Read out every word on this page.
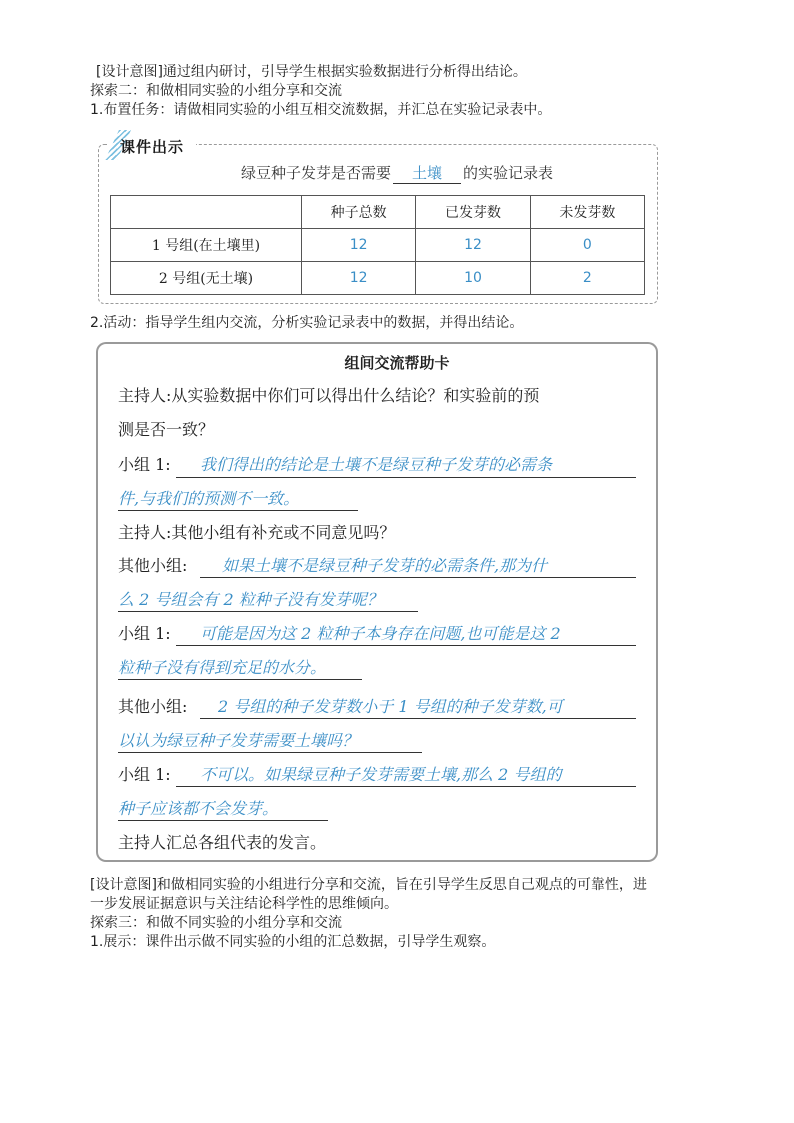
[设计意图]通过组内研讨，引导学生根据实验数据进行分析得出结论。
探索二：和做相同实验的小组分享和交流
1.布置任务：请做相同实验的小组互相交流数据，并汇总在实验记录表中。
课件出示
绿豆种子发芽是否需要 土壤 的实验记录表
	种子总数	已发芽数	未发芽数
1 号组(在土壤里)	12	12	0
2 号组(无土壤)	12	10	2
2.活动：指导学生组内交流，分析实验记录表中的数据，并得出结论。
组间交流帮助卡
主持人:从实验数据中你们可以得出什么结论？和实验前的预
测是否一致？
小组 1: 我们得出的结论是土壤不是绿豆种子发芽的必需条
件,与我们的预测不一致。
主持人:其他小组有补充或不同意见吗？
其他小组: 如果土壤不是绿豆种子发芽的必需条件,那为什
么 2 号组会有 2 粒种子没有发芽呢？
小组 1: 可能是因为这 2 粒种子本身存在问题,也可能是这 2
粒种子没有得到充足的水分。
其他小组: 2 号组的种子发芽数小于 1 号组的种子发芽数,可
以认为绿豆种子发芽需要土壤吗？
小组 1: 不可以。如果绿豆种子发芽需要土壤,那么 2 号组的
种子应该都不会发芽。
主持人汇总各组代表的发言。
[设计意图]和做相同实验的小组进行分享和交流，旨在引导学生反思自己观点的可靠性，进
一步发展证据意识与关注结论科学性的思维倾向。
探索三：和做不同实验的小组分享和交流
1.展示：课件出示做不同实验的小组的汇总数据，引导学生观察。
